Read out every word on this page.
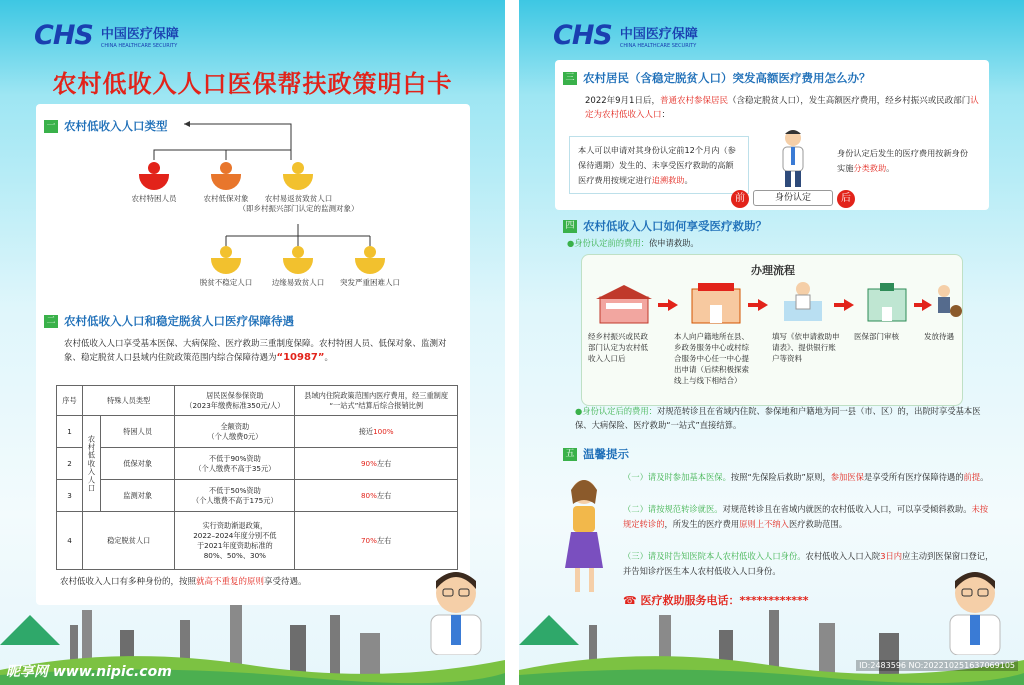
CHS 中国医疗保障
CHINA HEALTHCARE SECURITY
农村低收入人口医保帮扶政策明白卡
一 农村低收入人口类型
农村特困人员	农村低保对象	农村易返贫致贫人口
（即乡村振兴部门认定的监测对象）
脱贫不稳定人口	边缘易致贫人口	突发严重困难人口
二 农村低收入人口和稳定脱贫人口医疗保障待遇
农村低收入人口享受基本医保、大病保险、医疗救助三重制度保障。农村特困人员、低保对象、监测对象、稳定脱贫人口县域内住院政策范围内综合保障待遇为“10987”。
序号	特殊人员类型		居民医保参保资助
（2023年缴费标准350元/人）	县域内住院政策范围内医疗费用，经三重制度
“一站式”结算后综合报销比例
1	农村低收入人口	特困人员	全额资助
（个人缴费0元）	接近100%
2		低保对象	不低于90%资助
（个人缴费不高于35元）	90%左右
3		监测对象	不低于50%资助
（个人缴费不高于175元）	80%左右
4	稳定脱贫人口		实行资助渐退政策，
2022–2024年度分别不低
于2021年度资助标准的
80%、50%、30%	70%左右
农村低收入人口有多种身份的，按照就高不重复的原则享受待遇。
昵享网 www.nipic.com
CHS 中国医疗保障
CHINA HEALTHCARE SECURITY
三 农村居民（含稳定脱贫人口）突发高额医疗费用怎么办？
2022年9月1日后，普通农村参保居民（含稳定脱贫人口），发生高额医疗费用，经乡村振兴或民政部门认定为农村低收入人口：
本人可以申请对其身份认定前12个月内（参保待遇期）发生的、未享受医疗救助的高额医疗费用按规定进行追溯救助。
前	身份认定	后
身份认定后发生的医疗费用按新身份实施分类救助。
四 农村低收入人口如何享受医疗救助？
●身份认定前的费用：依申请救助。
办理流程
经乡村振兴或民政部门认定为农村低收入人口后
本人向户籍地所在县、乡政务服务中心或村综合服务中心任一中心提出申请（后续积极探索线上与线下相结合）
填写《依申请救助申请表》、提供银行账户等资料
医保部门审核	发放待遇
●身份认定后的费用：对规范转诊且在省域内住院、参保地和户籍地为同一县（市、区）的，出院时享受基本医保、大病保险、医疗救助“一站式”直接结算。
五 温馨提示
（一）请及时参加基本医保。按照“先保险后救助”原则，参加医保是享受所有医疗保障待遇的前提。
（二）请按规范转诊就医。对规范转诊且在省域内就医的农村低收入人口，可以享受倾斜救助。未按规定转诊的，所发生的医疗费用原则上不纳入医疗救助范围。
（三）请及时告知医院本人农村低收入人口身份。农村低收入人口入院3日内应主动到医保窗口登记，并告知诊疗医生本人农村低收入人口身份。
☎ 医疗救助服务电话：************
ID:2483596 NO:20221025163706910​5
